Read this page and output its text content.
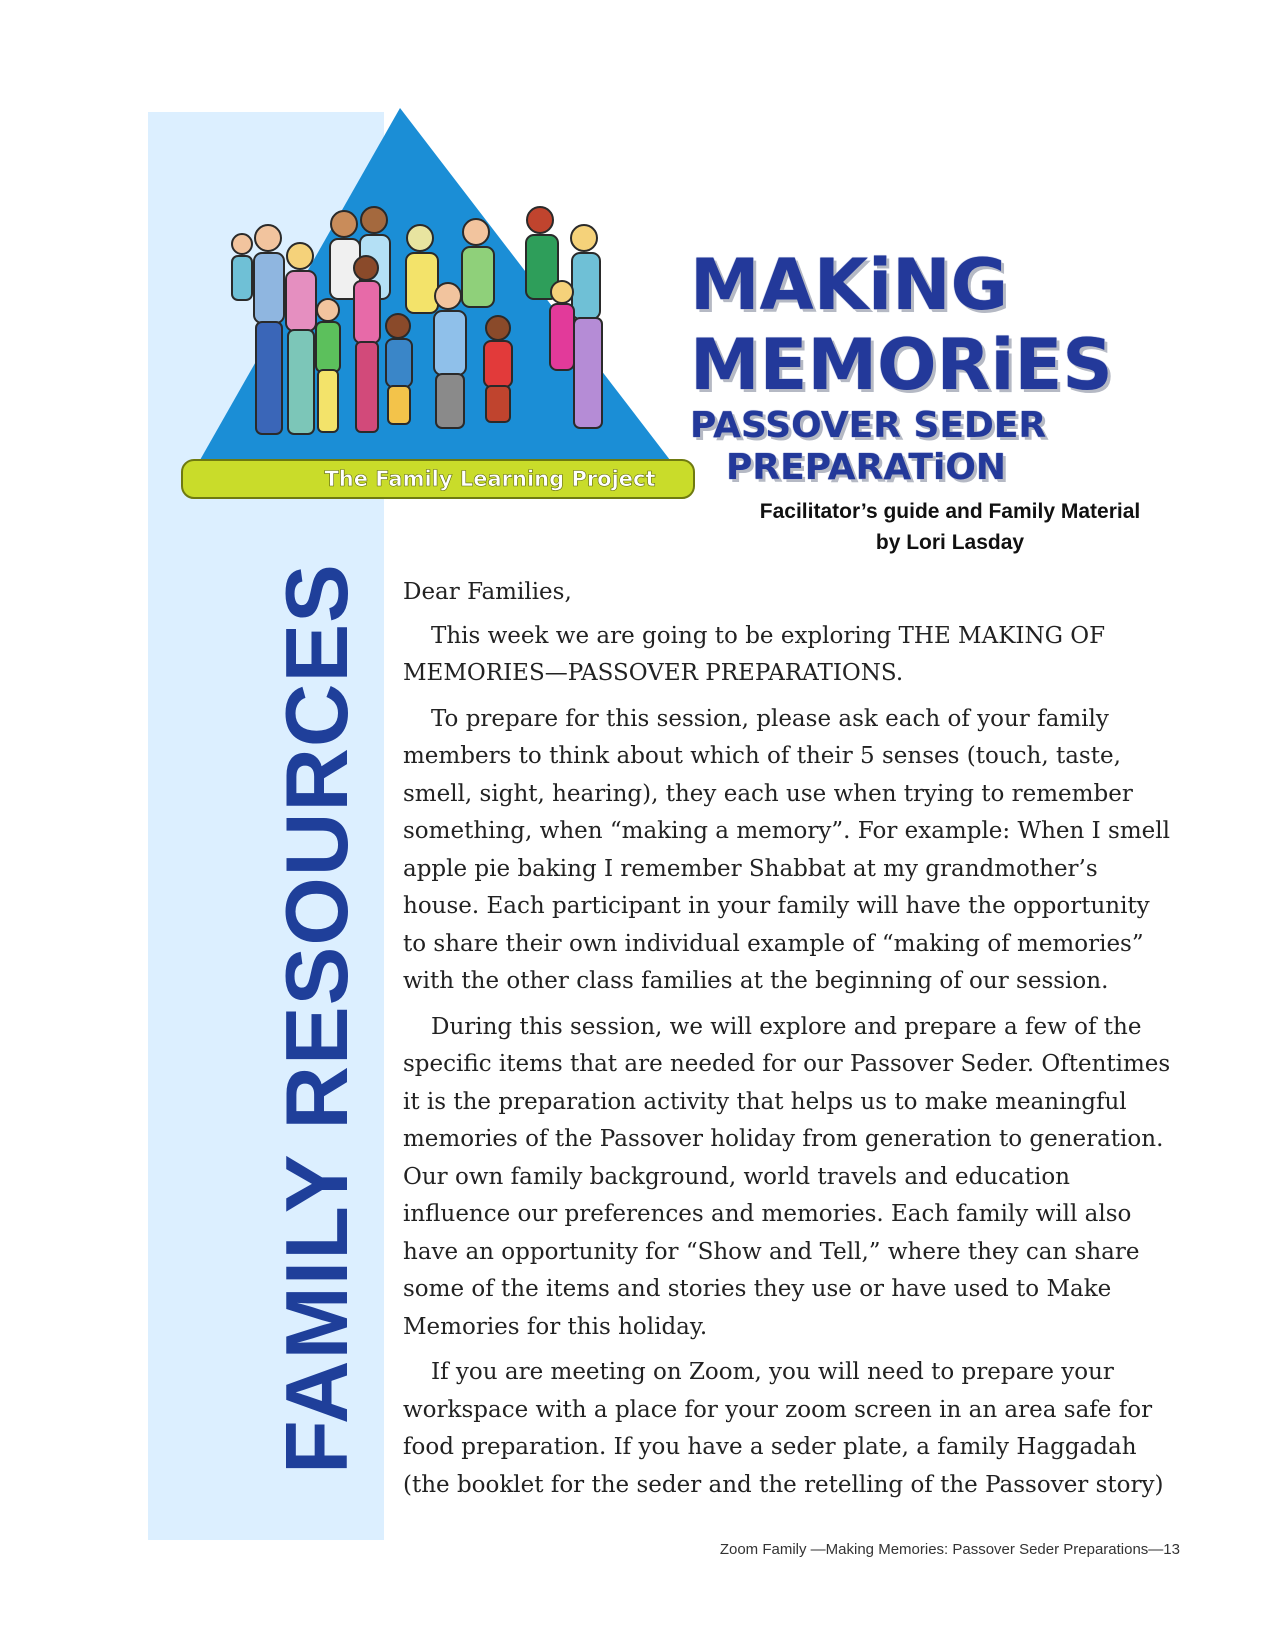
FAMILY RESOURCES
The Family Learning Project
MAKiNG
MEMORiES
PASSOVER SEDER
PREPARATiON
Facilitator’s guide and Family Material
by Lori Lasday

Dear Families,

This week we are going to be exploring THE MAKING OF MEMORIES—PASSOVER PREPARATIONS.

To prepare for this session, please ask each of your family members to think about which of their 5 senses (touch, taste, smell, sight, hearing), they each use when trying to remember something, when “making a memory”. For example: When I smell apple pie baking I remember Shabbat at my grandmother’s house. Each participant in your family will have the opportunity to share their own individual example of “making of memories” with the other class families at the beginning of our session.

During this session, we will explore and prepare a few of the specific items that are needed for our Passover Seder. Oftentimes it is the preparation activity that helps us to make meaningful memories of the Passover holiday from generation to generation. Our own family background, world travels and education influence our preferences and memories. Each family will also have an opportunity for “Show and Tell,” where they can share some of the items and stories they use or have used to Make Memories for this holiday.

If you are meeting on Zoom, you will need to prepare your workspace with a place for your zoom screen in an area safe for food preparation. If you have a seder plate, a family Haggadah (the booklet for the seder and the retelling of the Passover story)

Zoom Family —Making Memories: Passover Seder Preparations—13
